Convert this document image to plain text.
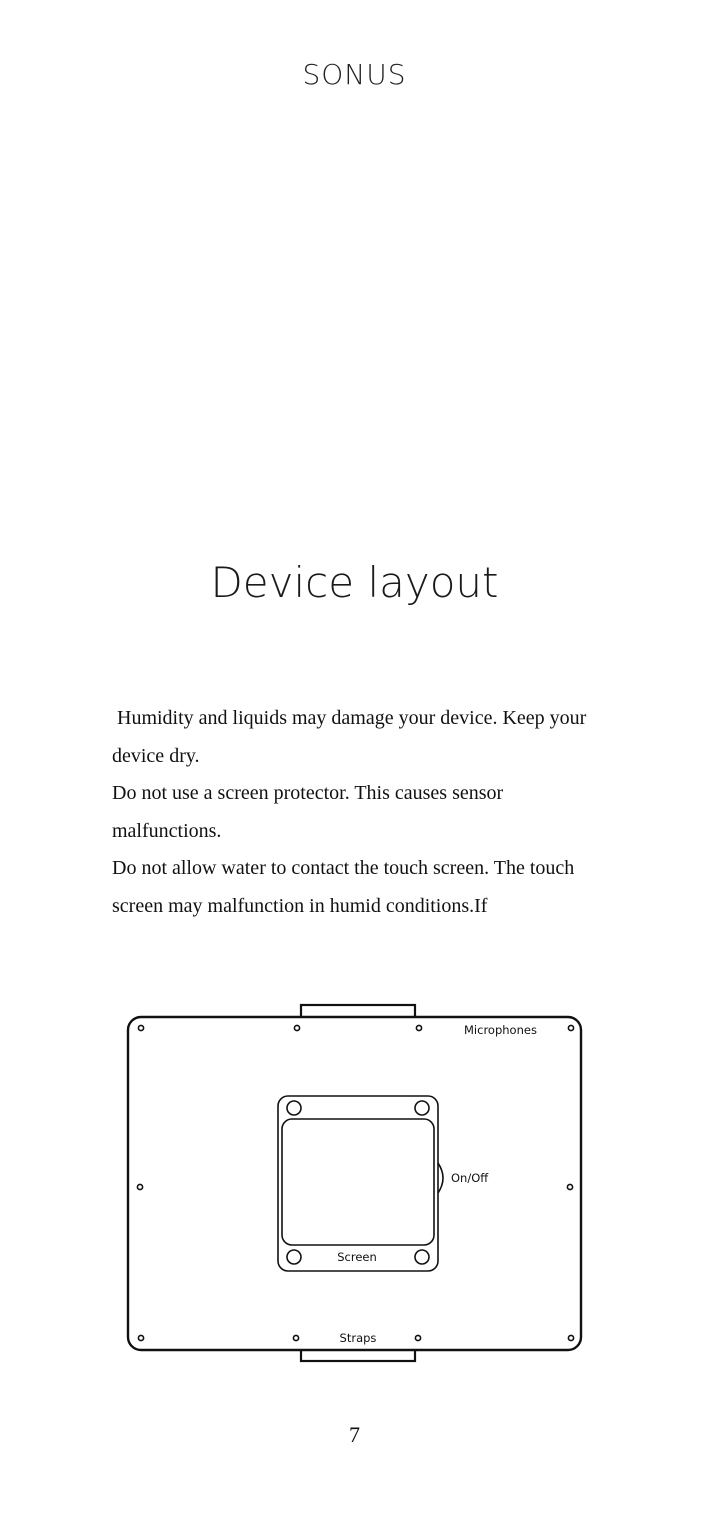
SONUS
Device layout

Humidity and liquids may damage your device. Keep your device dry.

Do not use a screen protector. This causes sensor malfunctions.

Do not allow water to contact the touch screen. The touch screen may malfunction in humid conditions.If

Microphones
On/Off
Screen
Straps
7
